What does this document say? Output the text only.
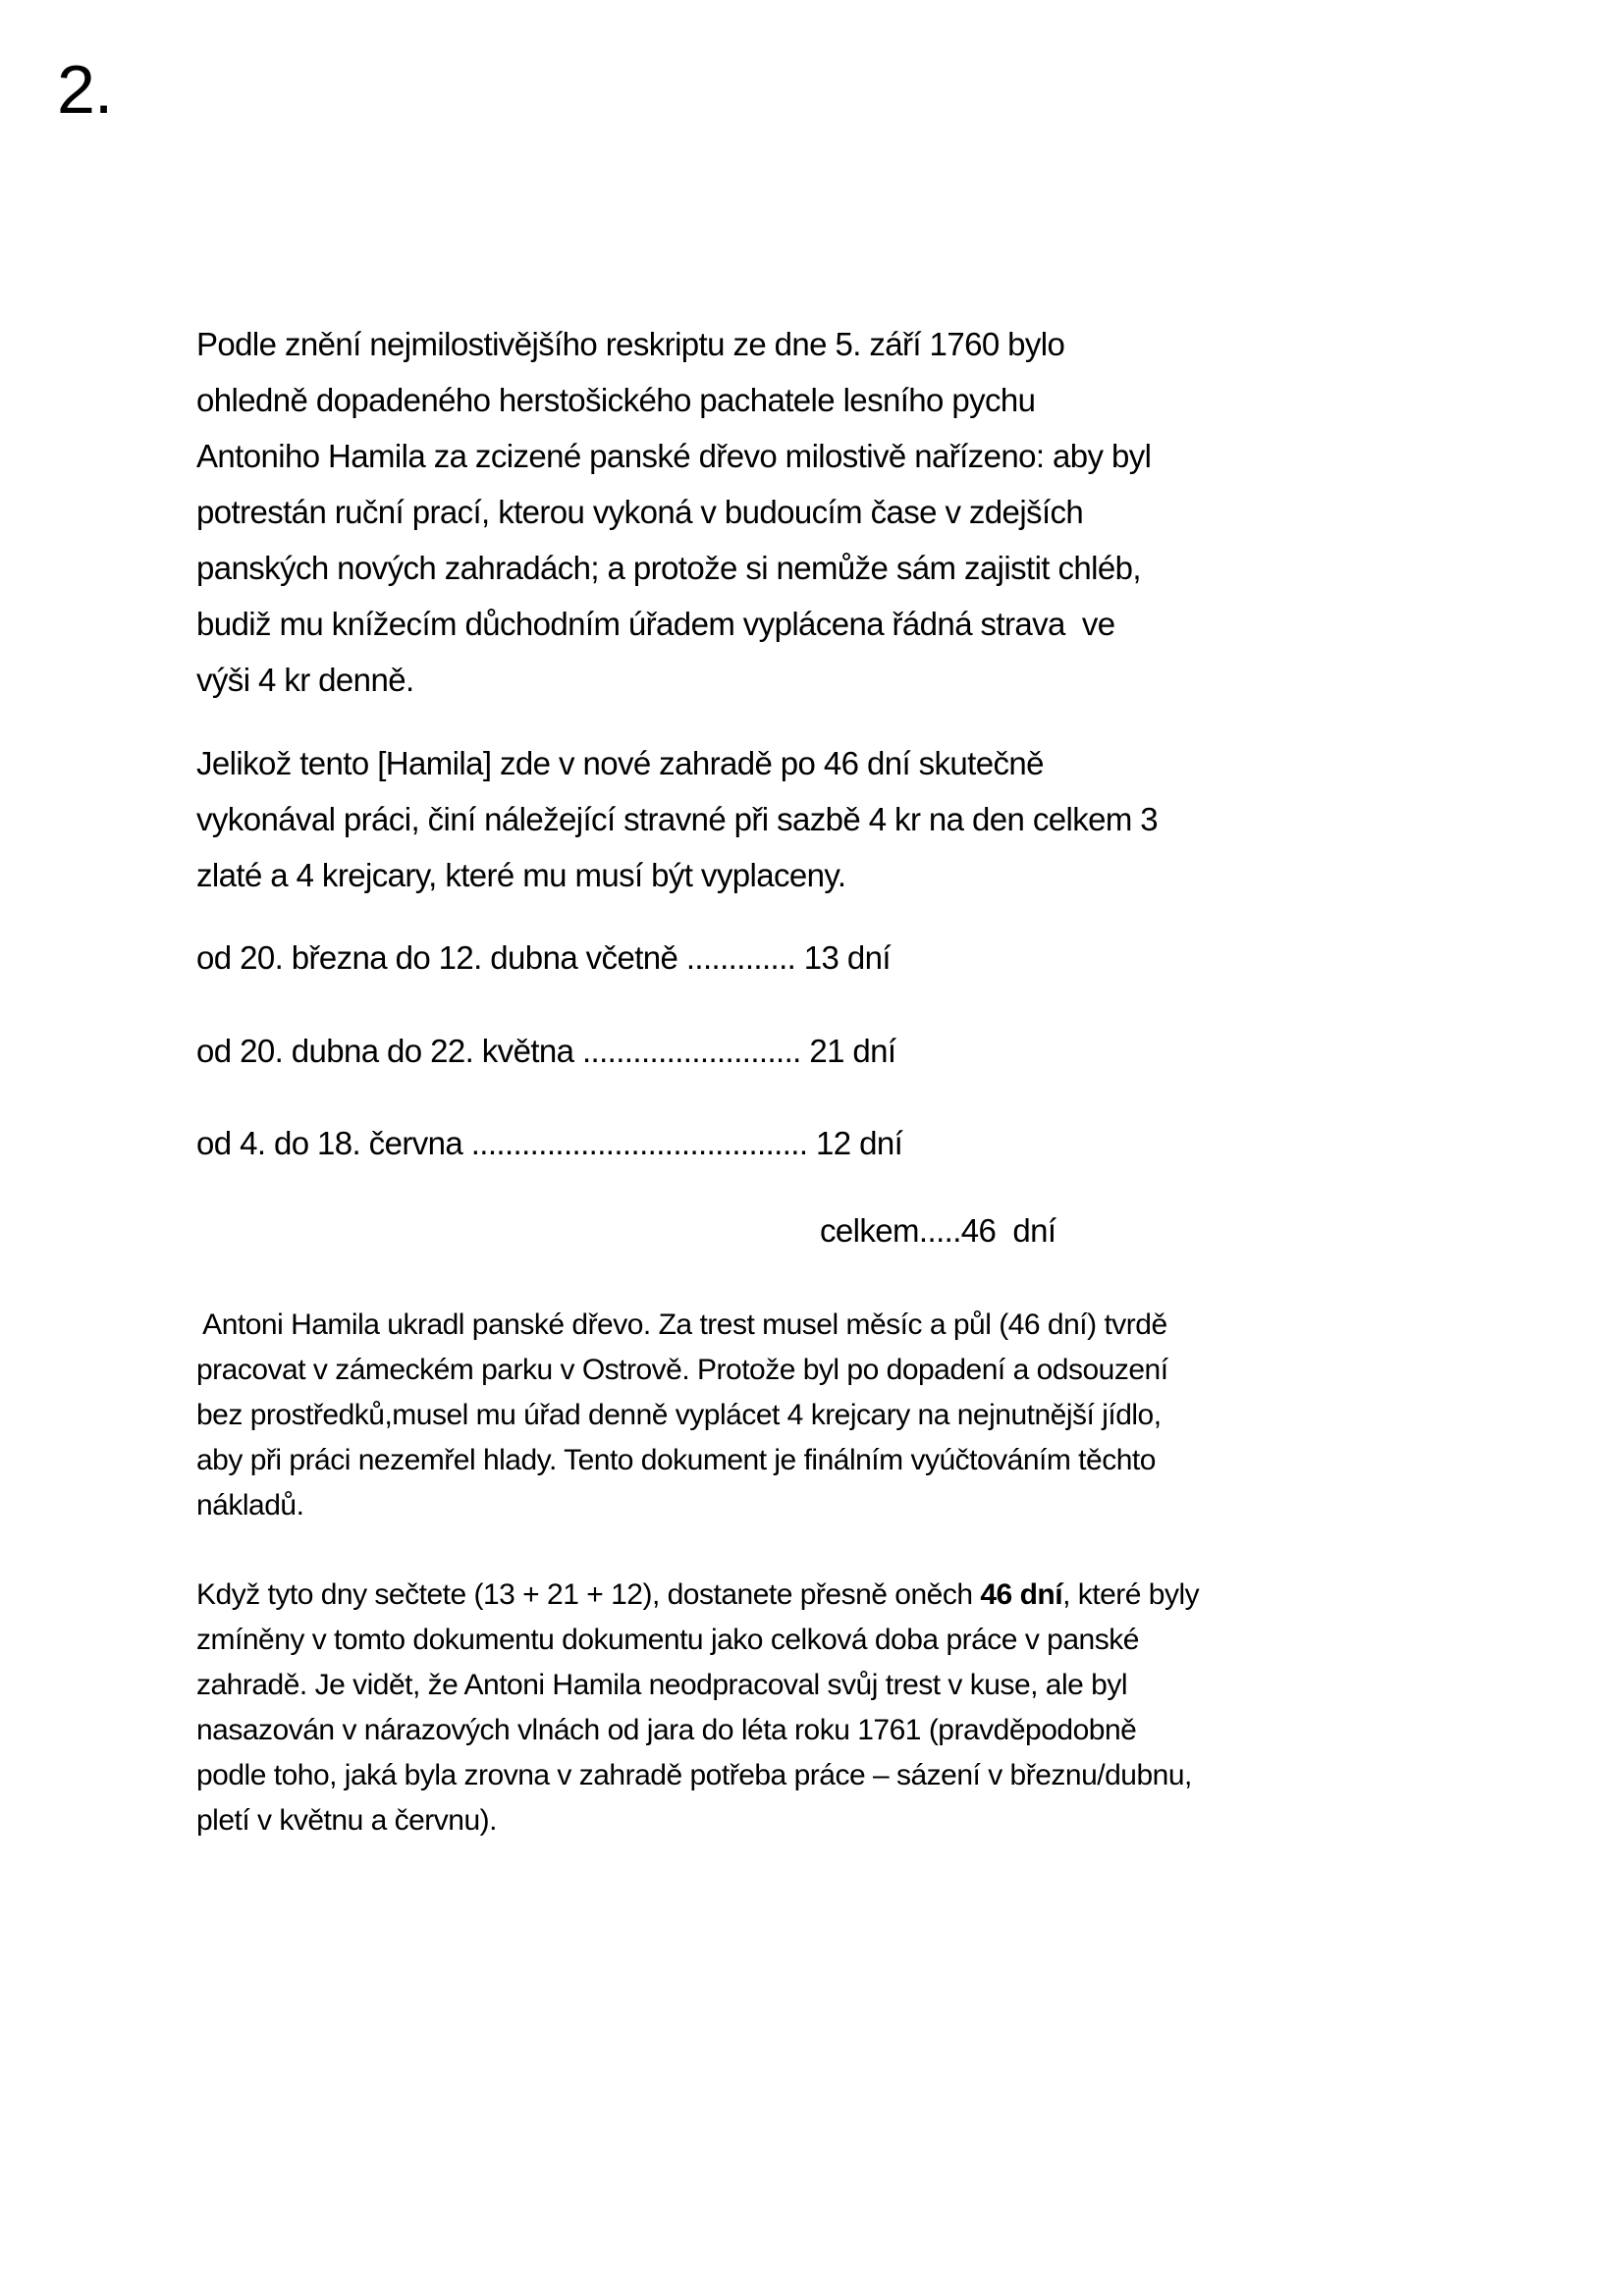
2.
Podle znění nejmilostivějšího reskriptu ze dne 5. září 1760 bylo
ohledně dopadeného herstošického pachatele lesního pychu
Antoniho Hamila za zcizené panské dřevo milostivě nařízeno: aby byl
potrestán ruční prací, kterou vykoná v budoucím čase v zdejších
panských nových zahradách; a protože si nemůže sám zajistit chléb,
budiž mu knížecím důchodním úřadem vyplácena řádná strava  ve
výši 4 kr denně.
Jelikož tento [Hamila] zde v nové zahradě po 46 dní skutečně
vykonával práci, činí náležející stravné při sazbě 4 kr na den celkem 3
zlaté a 4 krejcary, které mu musí být vyplaceny.
od 20. března do 12. dubna včetně ............. 13 dní
od 20. dubna do 22. května .......................... 21 dní
od 4. do 18. června ........................................ 12 dní
celkem.....46  dní
Antoni Hamila ukradl panské dřevo. Za trest musel měsíc a půl (46 dní) tvrdě
pracovat v zámeckém parku v Ostrově. Protože byl po dopadení a odsouzení
bez prostředků,musel mu úřad denně vyplácet 4 krejcary na nejnutnější jídlo,
aby při práci nezemřel hlady. Tento dokument je finálním vyúčtováním těchto
nákladů.
Když tyto dny sečtete (13 + 21 + 12), dostanete přesně oněch 46 dní, které byly
zmíněny v tomto dokumentu dokumentu jako celková doba práce v panské
zahradě. Je vidět, že Antoni Hamila neodpracoval svůj trest v kuse, ale byl
nasazován v nárazových vlnách od jara do léta roku 1761 (pravděpodobně
podle toho, jaká byla zrovna v zahradě potřeba práce – sázení v březnu/dubnu,
pletí v květnu a červnu).
